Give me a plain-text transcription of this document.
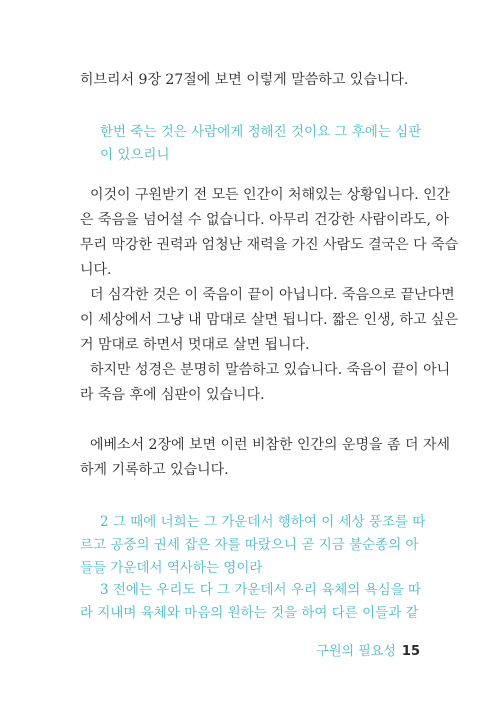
히브리서 9장 27절에 보면 이렇게 말씀하고 있습니다.
한번 죽는 것은 사람에게 정해진 것이요 그 후에는 심판
이 있으리니
이것이 구원받기 전 모든 인간이 처해있는 상황입니다. 인간
은 죽음을 넘어설 수 없습니다. 아무리 건강한 사람이라도, 아
무리 막강한 권력과 엄청난 재력을 가진 사람도 결국은 다 죽습
니다.
더 심각한 것은 이 죽음이 끝이 아닙니다. 죽음으로 끝난다면
이 세상에서 그냥 내 맘대로 살면 됩니다. 짧은 인생, 하고 싶은
거 맘대로 하면서 멋대로 살면 됩니다.
하지만 성경은 분명히 말씀하고 있습니다. 죽음이 끝이 아니
라 죽음 후에 심판이 있습니다.
에베소서 2장에 보면 이런 비참한 인간의 운명을 좀 더 자세
하게 기록하고 있습니다.
2 그 때에 너희는 그 가운데서 행하여 이 세상 풍조를 따
르고 공중의 권세 잡은 자를 따랐으니 곧 지금 불순종의 아
들들 가운데서 역사하는 영이라
3 전에는 우리도 다 그 가운데서 우리 육체의 욕심을 따
라 지내며 육체와 마음의 원하는 것을 하여 다른 이들과 같
구원의 필요성 15
